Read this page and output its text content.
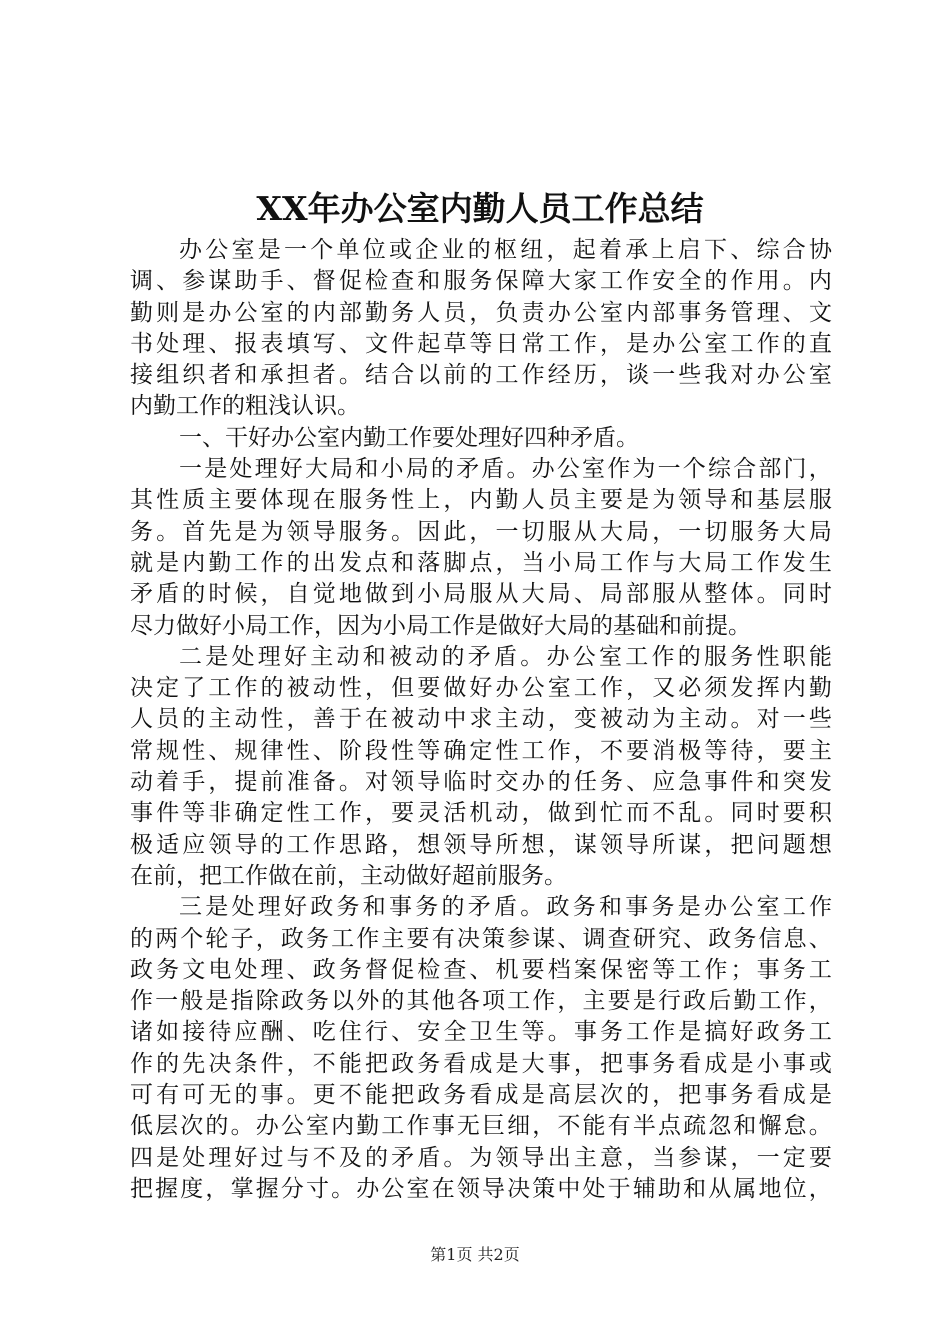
XX年办公室内勤人员工作总结
办 公 室 是 一 个 单 位 或 企 业 的 枢 纽 ， 起 着 承 上 启 下 、 综 合 协
调 、 参 谋 助 手 、 督 促 检 查 和 服 务 保 障 大 家 工 作 安 全 的 作 用 。 内
勤 则 是 办 公 室 的 内 部 勤 务 人 员 ， 负 责 办 公 室 内 部 事 务 管 理 、 文
书 处 理 、 报 表 填 写 、 文 件 起 草 等 日 常 工 作 ， 是 办 公 室 工 作 的 直
接 组 织 者 和 承 担 者 。 结 合 以 前 的 工 作 经 历 ， 谈 一 些 我 对 办 公 室
内勤工作的粗浅认识。
一、干好办公室内勤工作要处理好四种矛盾。
一 是 处 理 好 大 局 和 小 局 的 矛 盾 。 办 公 室 作 为 一 个 综 合 部 门 ，
其 性 质 主 要 体 现 在 服 务 性 上 ， 内 勤 人 员 主 要 是 为 领 导 和 基 层 服
务 。 首 先 是 为 领 导 服 务 。 因 此 ， 一 切 服 从 大 局 ， 一 切 服 务 大 局
就 是 内 勤 工 作 的 出 发 点 和 落 脚 点 ， 当 小 局 工 作 与 大 局 工 作 发 生
矛 盾 的 时 候 ， 自 觉 地 做 到 小 局 服 从 大 局 、 局 部 服 从 整 体 。 同 时
尽力做好小局工作，因为小局工作是做好大局的基础和前提。
二 是 处 理 好 主 动 和 被 动 的 矛 盾 。 办 公 室 工 作 的 服 务 性 职 能
决 定 了 工 作 的 被 动 性 ， 但 要 做 好 办 公 室 工 作 ， 又 必 须 发 挥 内 勤
人 员 的 主 动 性 ， 善 于 在 被 动 中 求 主 动 ， 变 被 动 为 主 动 。 对 一 些
常 规 性 、 规 律 性 、 阶 段 性 等 确 定 性 工 作 ， 不 要 消 极 等 待 ， 要 主
动 着 手 ， 提 前 准 备 。 对 领 导 临 时 交 办 的 任 务 、 应 急 事 件 和 突 发
事 件 等 非 确 定 性 工 作 ， 要 灵 活 机 动 ， 做 到 忙 而 不 乱 。 同 时 要 积
极 适 应 领 导 的 工 作 思 路 ， 想 领 导 所 想 ， 谋 领 导 所 谋 ， 把 问 题 想
在前，把工作做在前，主动做好超前服务。
三 是 处 理 好 政 务 和 事 务 的 矛 盾 。 政 务 和 事 务 是 办 公 室 工 作
的 两 个 轮 子 ， 政 务 工 作 主 要 有 决 策 参 谋 、 调 查 研 究 、 政 务 信 息 、
政 务 文 电 处 理 、 政 务 督 促 检 查 、 机 要 档 案 保 密 等 工 作 ； 事 务 工
作 一 般 是 指 除 政 务 以 外 的 其 他 各 项 工 作 ， 主 要 是 行 政 后 勤 工 作 ，
诸 如 接 待 应 酬 、 吃 住 行 、 安 全 卫 生 等 。 事 务 工 作 是 搞 好 政 务 工
作 的 先 决 条 件 ， 不 能 把 政 务 看 成 是 大 事 ， 把 事 务 看 成 是 小 事 或
可 有 可 无 的 事 。 更 不 能 把 政 务 看 成 是 高 层 次 的 ， 把 事 务 看 成 是
低 层 次 的 。 办 公 室 内 勤 工 作 事 无 巨 细 ， 不 能 有 半 点 疏 忽 和 懈 怠 。
四 是 处 理 好 过 与 不 及 的 矛 盾 。 为 领 导 出 主 意 ， 当 参 谋 ， 一 定 要
把 握 度 ， 掌 握 分 寸 。 办 公 室 在 领 导 决 策 中 处 于 辅 助 和 从 属 地 位 ，
第1页 共2页
